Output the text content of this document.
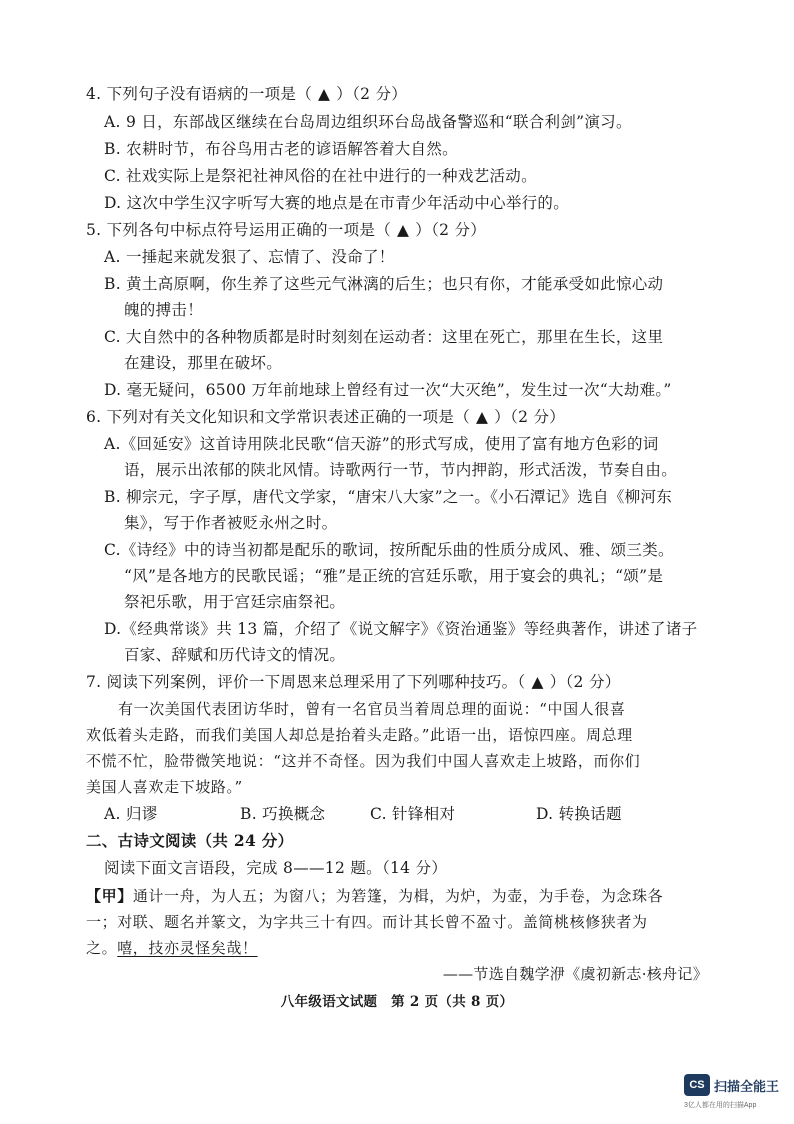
4. 下列句子没有语病的一项是（ ▲ ）（2 分）
A. 9 日，东部战区继续在台岛周边组织环台岛战备警巡和“联合利剑”演习。
B. 农耕时节，布谷鸟用古老的谚语解答着大自然。
C. 社戏实际上是祭祀社神风俗的在社中进行的一种戏艺活动。
D. 这次中学生汉字听写大赛的地点是在市青少年活动中心举行的。
5. 下列各句中标点符号运用正确的一项是（ ▲ ）（2 分）
A. 一捶起来就发狠了、忘情了、没命了！
B. 黄土高原啊，你生养了这些元气淋漓的后生；也只有你，才能承受如此惊心动
魄的搏击！
C. 大自然中的各种物质都是时时刻刻在运动者：这里在死亡，那里在生长，这里
在建设，那里在破坏。
D. 毫无疑问，6500 万年前地球上曾经有过一次“大灭绝”，发生过一次“大劫难。”
6. 下列对有关文化知识和文学常识表述正确的一项是（ ▲ ）（2 分）
A.《回延安》这首诗用陕北民歌“信天游”的形式写成，使用了富有地方色彩的词
语，展示出浓郁的陕北风情。诗歌两行一节，节内押韵，形式活泼，节奏自由。
B. 柳宗元，字子厚，唐代文学家，“唐宋八大家”之一。《小石潭记》选自《柳河东
集》，写于作者被贬永州之时。
C.《诗经》中的诗当初都是配乐的歌词，按所配乐曲的性质分成风、雅、颂三类。
“风”是各地方的民歌民谣；“雅”是正统的宫廷乐歌，用于宴会的典礼；“颂”是
祭祀乐歌，用于宫廷宗庙祭祀。
D.《经典常谈》共 13 篇，介绍了《说文解字》《资治通鉴》等经典著作，讲述了诸子
百家、辞赋和历代诗文的情况。
7. 阅读下列案例，评价一下周恩来总理采用了下列哪种技巧。（ ▲ ）（2 分）
有一次美国代表团访华时，曾有一名官员当着周总理的面说：“中国人很喜
欢低着头走路，而我们美国人却总是抬着头走路。”此语一出，语惊四座。周总理
不慌不忙，脸带微笑地说：“这并不奇怪。因为我们中国人喜欢走上坡路，而你们
美国人喜欢走下坡路。”
A. 归谬	B. 巧换概念	C. 针锋相对	D. 转换话题
二、古诗文阅读（共 24 分）
阅读下面文言语段，完成 8——12 题。（14 分）
【甲】通计一舟，为人五；为窗八；为箬篷，为楫，为炉，为壶，为手卷，为念珠各
一；对联、题名并篆文，为字共三十有四。而计其长曾不盈寸。盖简桃核修狭者为
之。嘻，技亦灵怪矣哉！
——节选自魏学洢《虞初新志·核舟记》
八年级语文试题　第 2 页（共 8 页）
CS 扫描全能王
3亿人都在用的扫描App
